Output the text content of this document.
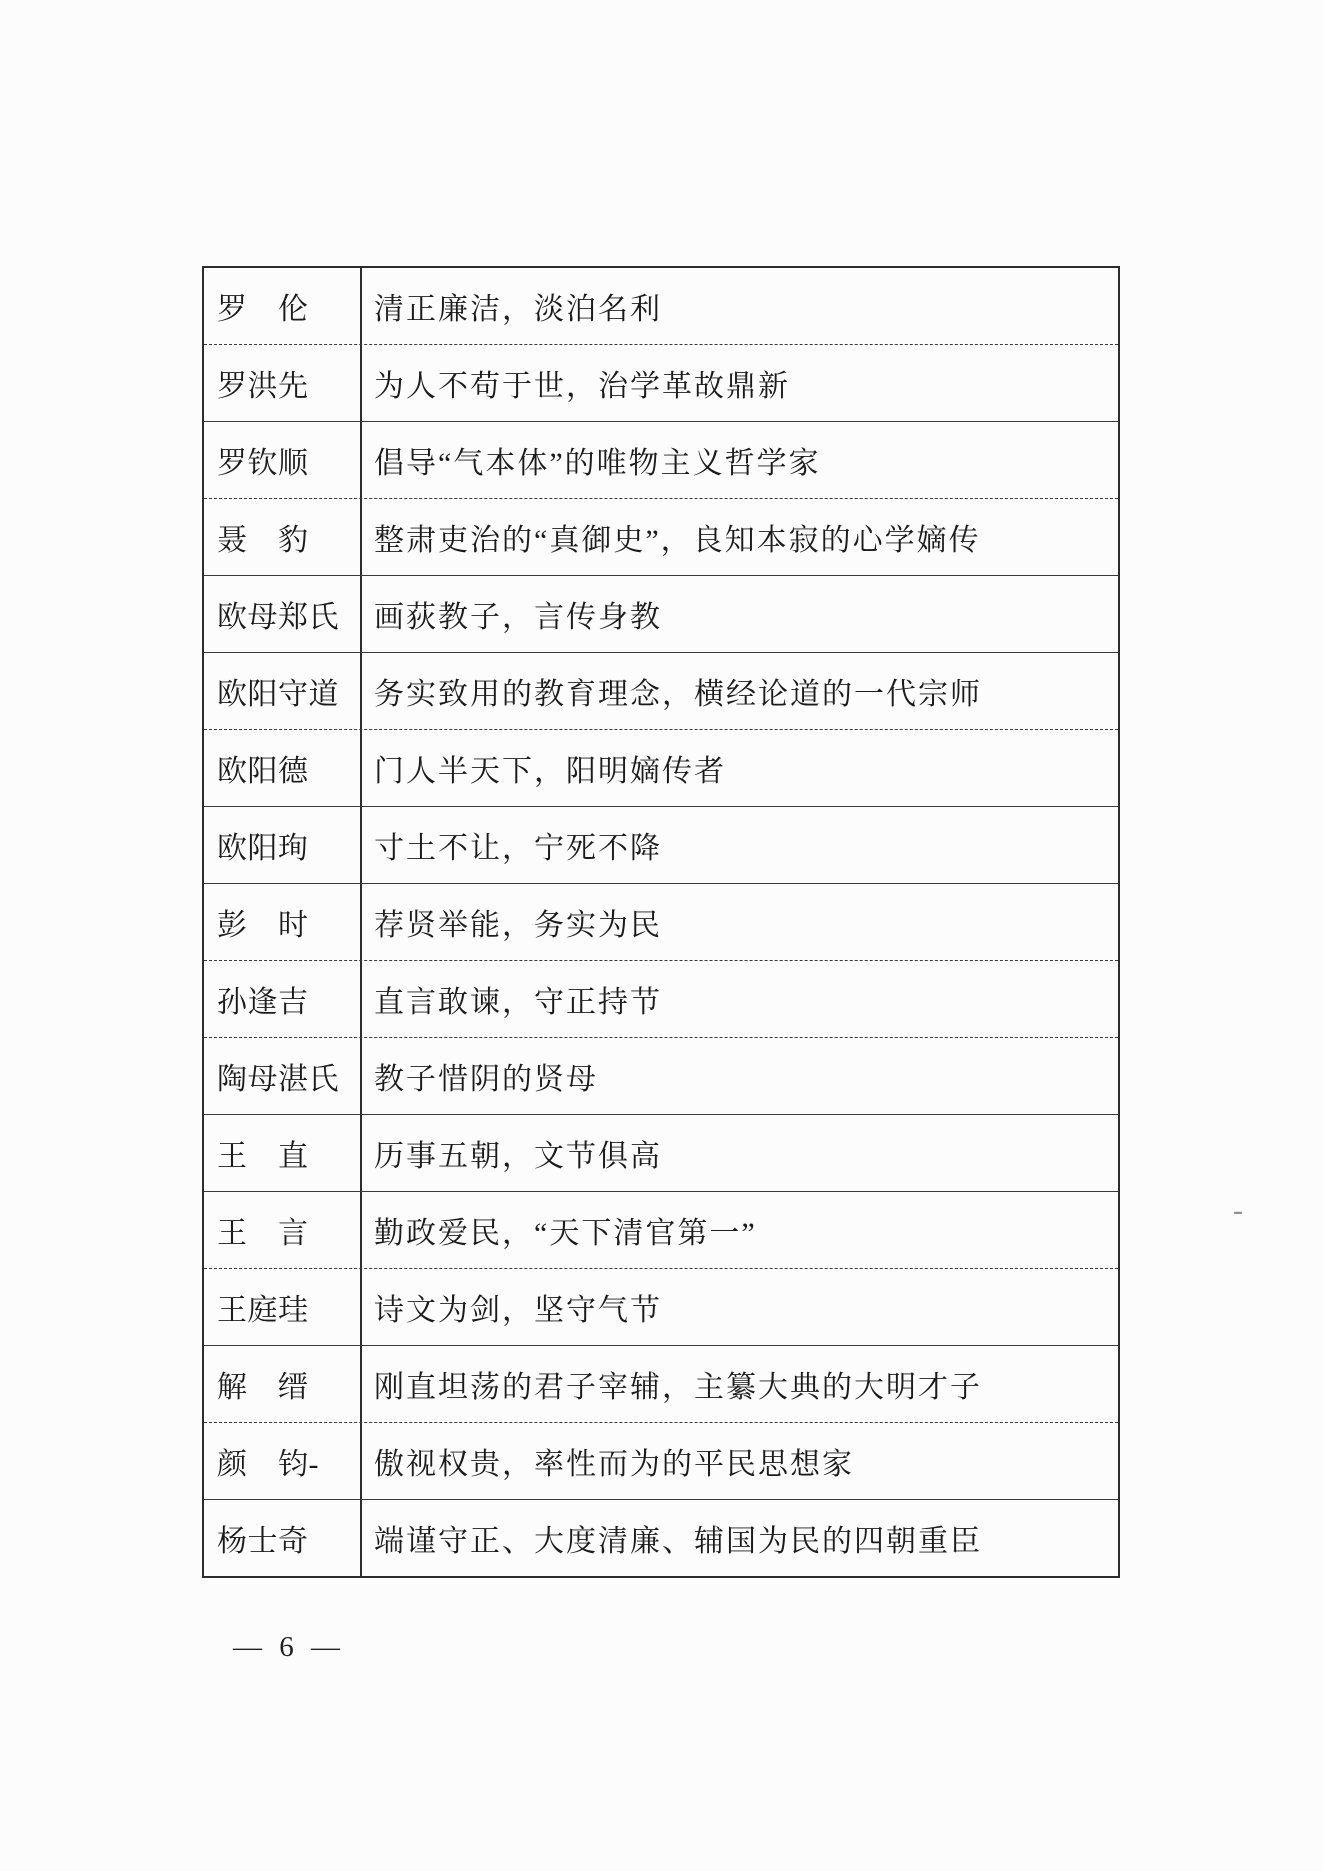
罗　伦 清正廉洁，淡泊名利
罗洪先 为人不苟于世，治学革故鼎新
罗钦顺 倡导“气本体”的唯物主义哲学家
聂　豹 整肃吏治的“真御史”，良知本寂的心学嫡传
欧母郑氏 画荻教子，言传身教
欧阳守道 务实致用的教育理念，横经论道的一代宗师
欧阳德 门人半天下，阳明嫡传者
欧阳珣 寸土不让，宁死不降
彭　时 荐贤举能，务实为民
孙逢吉 直言敢谏，守正持节
陶母湛氏 教子惜阴的贤母
王　直 历事五朝，文节俱高
王　言 勤政爱民，“天下清官第一”
王庭珪 诗文为剑，坚守气节
解　缙 刚直坦荡的君子宰辅，主纂大典的大明才子
颜　钧- 傲视权贵，率性而为的平民思想家
杨士奇 端谨守正、大度清廉、辅国为民的四朝重臣
-
— 6 —
